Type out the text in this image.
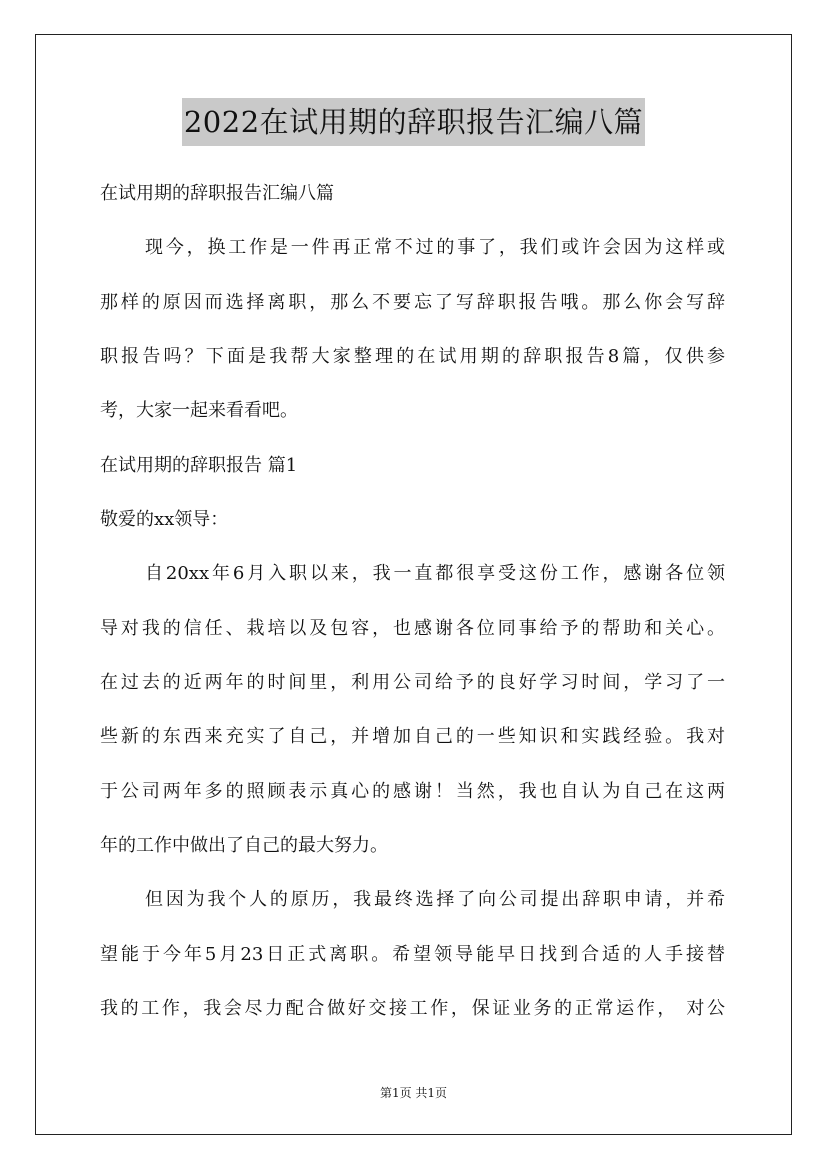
2022在试用期的辞职报告汇编八篇
在试用期的辞职报告汇编八篇
现今，换工作是一件再正常不过的事了，我们或许会因为这样或
那样的原因而选择离职，那么不要忘了写辞职报告哦。那么你会写辞
职报告吗？下面是我帮大家整理的在试用期的辞职报告8篇，仅供参
考，大家一起来看看吧。
在试用期的辞职报告 篇1
敬爱的xx领导：
自20xx年6月入职以来，我一直都很享受这份工作，感谢各位领
导对我的信任、栽培以及包容，也感谢各位同事给予的帮助和关心。
在过去的近两年的时间里，利用公司给予的良好学习时间，学习了一
些新的东西来充实了自己，并增加自己的一些知识和实践经验。我对
于公司两年多的照顾表示真心的感谢！当然，我也自认为自己在这两
年的工作中做出了自己的最大努力。
但因为我个人的原历，我最终选择了向公司提出辞职申请，并希
望能于今年5月23日正式离职。希望领导能早日找到合适的人手接替
我的工作，我会尽力配合做好交接工作，保证业务的正常运作， 对公
第1页 共1页
